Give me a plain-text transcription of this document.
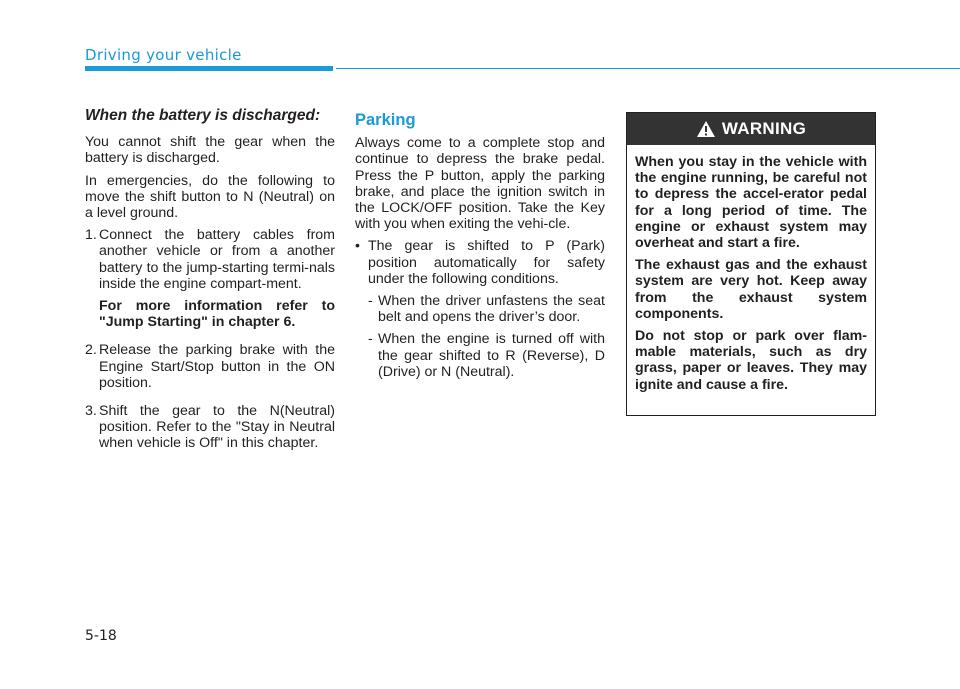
Driving your vehicle
When the battery is discharged:

You cannot shift the gear when the battery is discharged.

In emergencies, do the following to move the shift button to N (Neutral) on a level ground.

1. Connect the battery cables from another vehicle or from a another battery to the jump-starting termi-nals inside the engine compart-ment.

For more information refer to "Jump Starting" in chapter 6.

2. Release the parking brake with the Engine Start/Stop button in the ON position.

3. Shift the gear to the N(Neutral) position. Refer to the "Stay in Neutral when vehicle is Off" in this chapter.

Parking

Always come to a complete stop and continue to depress the brake pedal. Press the P button, apply the parking brake, and place the ignition switch in the LOCK/OFF position. Take the Key with you when exiting the vehi-cle.

• The gear is shifted to P (Park) position automatically for safety under the following conditions.
- When the driver unfastens the seat belt and opens the driver’s door.
- When the engine is turned off with the gear shifted to R (Reverse), D (Drive) or N (Neutral).
WARNING

When you stay in the vehicle with the engine running, be careful not to depress the accel-erator pedal for a long period of time. The engine or exhaust system may overheat and start a fire.

The exhaust gas and the exhaust system are very hot. Keep away from the exhaust system components.

Do not stop or park over flam-mable materials, such as dry grass, paper or leaves. They may ignite and cause a fire.

5-18
